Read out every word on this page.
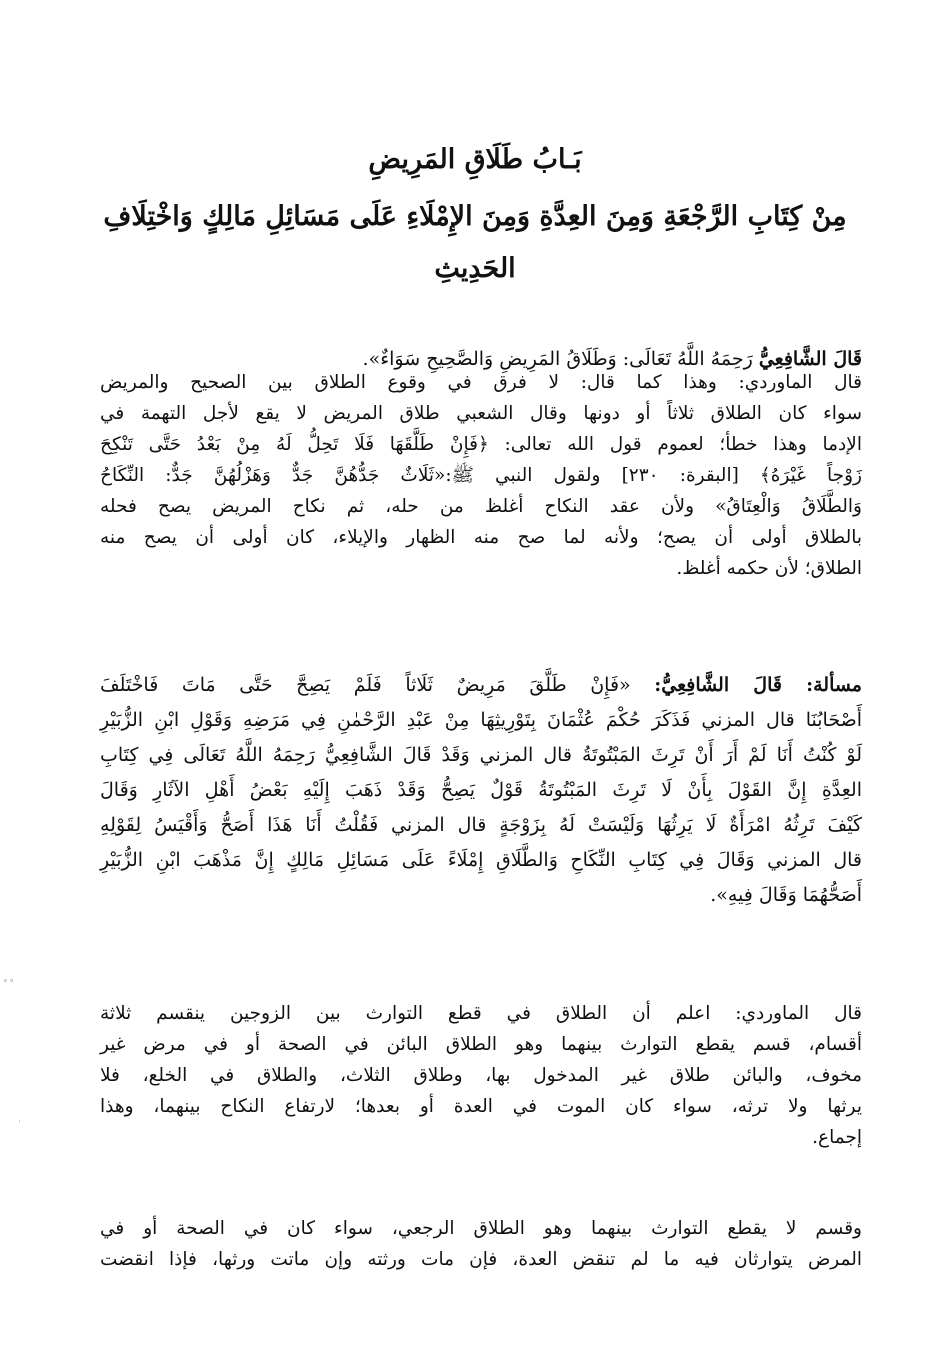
بَـابُ طَلَاقِ المَرِيضِ
مِنْ كِتَابِ الرَّجْعَةِ وَمِنَ العِدَّةِ وَمِنَ الإِمْلَاءِ عَلَى مَسَائِلِ مَالِكٍ وَاخْتِلَافِ
الحَدِيثِ
قَالَ الشَّافِعِيُّ رَحِمَهُ اللَّهُ تَعَالَى: وَطَلَاقُ المَرِيضِ وَالصَّحِيحِ سَوَاءٌ».
قال الماوردي: وهذا كما قال: لا فرق في وقوع الطلاق بين الصحيح والمريض
سواء كان الطلاق ثلاثاً أو دونها وقال الشعبي طلاق المريض لا يقع لأجل التهمة في
الإدما وهذا خطأ؛ لعموم قول الله تعالى: ﴿فَإِنْ طَلَّقَهَا فَلَا تَحِلُّ لَهُ مِنْ بَعْدُ حَتَّى تَنْكِحَ
زَوْجاً غَيْرَهُ﴾ [البقرة: ٢٣٠] ولقول النبي ﷺ:«ثَلَاثٌ جَدُّهُنَّ جَدٌّ وَهَزْلُهُنَّ جَدٌّ: النِّكَاحُ
وَالطَّلَاقُ وَالْعِتَاقُ» ولأن عقد النكاح أغلظ من حله، ثم نكاح المريض يصح فحله
بالطلاق أولى أن يصح؛ ولأنه لما صح منه الظهار والإيلاء، كان أولى أن يصح منه
الطلاق؛ لأن حكمه أغلظ.
مسألة: قَالَ الشَّافِعِيُّ: «فَإِنْ طَلَّقَ مَرِيضٌ ثَلَاثاً فَلَمْ يَصِحَّ حَتَّى مَاتَ فَاخْتَلَفَ
أَصْحَابُنَا قال المزني فَذَكَرَ حُكْمَ عُثْمَانَ بِتَوْرِيثِهَا مِنْ عَبْدِ الرَّحْمٰنِ فِي مَرَضِهِ وَقَوْلِ ابْنِ الزُّبَيْرِ
لَوْ كُنْتُ أَنَا لَمْ أَرَ أَنْ تَرِثَ المَبْتُوتَةُ قال المزني وَقَدْ قَالَ الشَّافِعِيُّ رَحِمَهُ اللَّهُ تَعَالَى فِي كِتَابِ
العِدَّةِ إِنَّ القَوْلَ بِأَنْ لَا تَرِثَ المَبْتُوتَةُ قَوْلٌ يَصِحُّ وَقَدْ ذَهَبَ إِلَيْهِ بَعْضُ أَهْلِ الآثَارِ وَقَالَ
كَيْفَ تَرِثُهُ امْرَأَةٌ لَا يَرِثُهَا وَلَيْسَتْ لَهُ بِزَوْجَةٍ قال المزني فَقُلْتُ أَنَا هَذَا أَصَحُّ وَأَقْيَسُ لِقَوْلِهِ
قال المزني وَقَالَ فِي كِتَابِ النِّكَاحِ وَالطَّلَاقِ إِمْلَاءً عَلَى مَسَائِلِ مَالِكٍ إِنَّ مَذْهَبَ ابْنِ الزُّبَيْرِ
أَصَحُّهُمَا وَقَالَ فِيهِ».
قال الماوردي: اعلم أن الطلاق في قطع التوارث بين الزوجين ينقسم ثلاثة
أقسام، قسم يقطع التوارث بينهما وهو الطلاق البائن في الصحة أو في مرض غير
مخوف، والبائن طلاق غير المدخول بها، وطلاق الثلاث، والطلاق في الخلع، فلا
يرثها ولا ترثه، سواء كان الموت في العدة أو بعدها؛ لارتفاع النكاح بينهما، وهذا
إجماع.
وقسم لا يقطع التوارث بينهما وهو الطلاق الرجعي، سواء كان في الصحة أو في
المرض يتوارثان فيه ما لم تنقض العدة، فإن مات ورثته وإن ماتت ورثها، فإذا انقضت
ﹾ ﹾ
ˈ
